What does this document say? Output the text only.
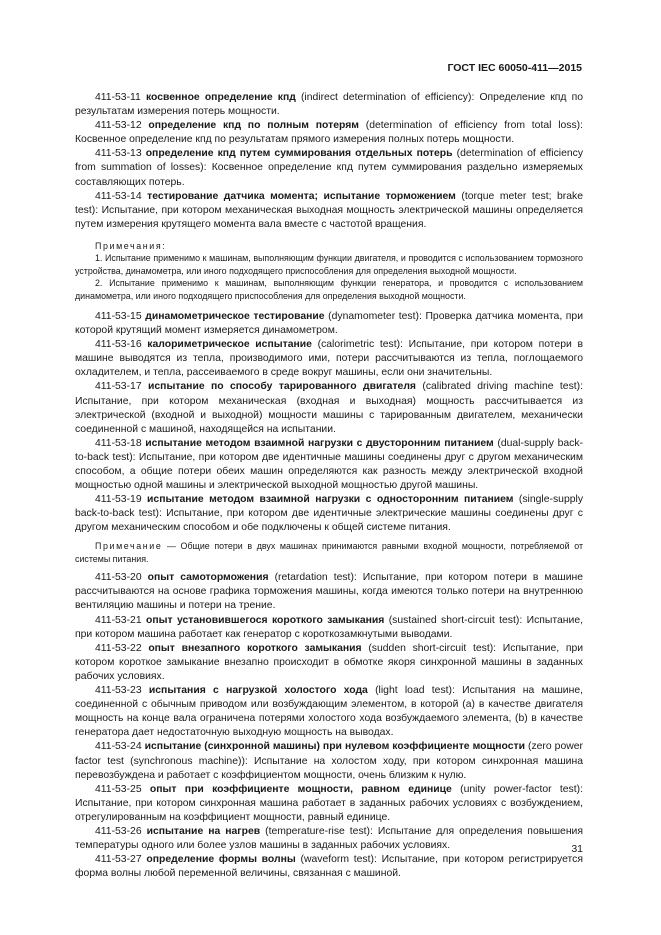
ГОСТ IEC 60050-411—2015

411-53-11 косвенное определение кпд (indirect determination of efficiency): Определение кпд по результатам измерения потерь мощности.

411-53-12 определение кпд по полным потерям (determination of efficiency from total loss): Косвенное определение кпд по результатам прямого измерения полных потерь мощности.

411-53-13 определение кпд путем суммирования отдельных потерь (determination of efficiency from summation of losses): Косвенное определение кпд путем суммирования раздельно измеряемых составляющих потерь.

411-53-14 тестирование датчика момента; испытание торможением (torque meter test; brake test): Испытание, при котором механическая выходная мощность электрической машины определяется путем измерения крутящего момента вала вместе с частотой вращения.

Примечания:
1. Испытание применимо к машинам, выполняющим функции двигателя, и проводится с использованием тормозного устройства, динамометра, или иного подходящего приспособления для определения выходной мощности.
2. Испытание применимо к машинам, выполняющим функции генератора, и проводится с использованием динамометра, или иного подходящего приспособления для определения выходной мощности.

411-53-15 динамометрическое тестирование (dynamometer test): Проверка датчика момента, при которой крутящий момент измеряется динамометром.

411-53-16 калориметрическое испытание (calorimetric test): Испытание, при котором потери в машине выводятся из тепла, производимого ими, потери рассчитываются из тепла, поглощаемого охладителем, и тепла, рассеиваемого в среде вокруг машины, если они значительны.

411-53-17 испытание по способу тарированного двигателя (calibrated driving machine test): Испытание, при котором механическая (входная и выходная) мощность рассчитывается из электрической (входной и выходной) мощности машины с тарированным двигателем, механически соединенной с машиной, находящейся на испытании.

411-53-18 испытание методом взаимной нагрузки с двусторонним питанием (dual-supply back-to-back test): Испытание, при котором две идентичные машины соединены друг с другом механическим способом, а общие потери обеих машин определяются как разность между электрической входной мощностью одной машины и электрической выходной мощностью другой машины.

411-53-19 испытание методом взаимной нагрузки с односторонним питанием (single-supply back-to-back test): Испытание, при котором две идентичные электрические машины соединены друг с другом механическим способом и обе подключены к общей системе питания.

Примечание — Общие потери в двух машинах принимаются равными входной мощности, потребляемой от системы питания.

411-53-20 опыт самоторможения (retardation test): Испытание, при котором потери в машине рассчитываются на основе графика торможения машины, когда имеются только потери на внутреннюю вентиляцию машины и потери на трение.

411-53-21 опыт установившегося короткого замыкания (sustained short-circuit test): Испытание, при котором машина работает как генератор с короткозамкнутыми выводами.

411-53-22 опыт внезапного короткого замыкания (sudden short-circuit test): Испытание, при котором короткое замыкание внезапно происходит в обмотке якоря синхронной машины в заданных рабочих условиях.

411-53-23 испытания с нагрузкой холостого хода (light load test): Испытания на машине, соединенной с обычным приводом или возбуждающим элементом, в которой (a) в качестве двигателя мощность на конце вала ограничена потерями холостого хода возбуждаемого элемента, (b) в качестве генератора дает недостаточную выходную мощность на выводах.

411-53-24 испытание (синхронной машины) при нулевом коэффициенте мощности (zero power factor test (synchronous machine)): Испытание на холостом ходу, при котором синхронная машина перевозбуждена и работает с коэффициентом мощности, очень близким к нулю.

411-53-25 опыт при коэффициенте мощности, равном единице (unity power-factor test): Испытание, при котором синхронная машина работает в заданных рабочих условиях с возбуждением, отрегулированным на коэффициент мощности, равный единице.

411-53-26 испытание на нагрев (temperature-rise test): Испытание для определения повышения температуры одного или более узлов машины в заданных рабочих условиях.

411-53-27 определение формы волны (waveform test): Испытание, при котором регистрируется форма волны любой переменной величины, связанная с машиной.

31
